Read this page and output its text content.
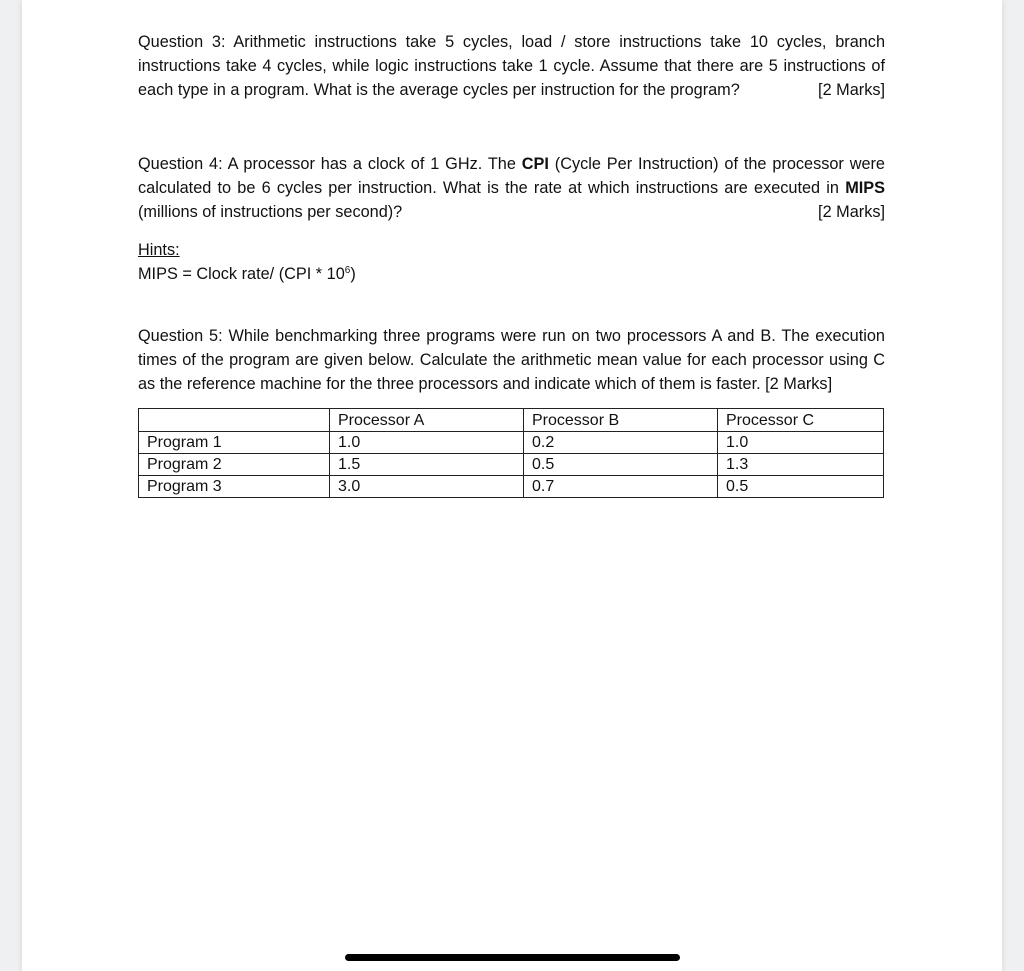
Question 3: Arithmetic instructions take 5 cycles, load / store instructions take 10 cycles, branch instructions take 4 cycles, while logic instructions take 1 cycle. Assume that there are 5 instructions of each type in a program. What is the average cycles per instruction for the program?	[2 Marks]

Question 4: A processor has a clock of 1 GHz. The CPI (Cycle Per Instruction) of the processor were calculated to be 6 cycles per instruction. What is the rate at which instructions are executed in MIPS (millions of instructions per second)?	[2 Marks]
Hints:
MIPS = Clock rate/ $(CPI * 10^6)$

Question 5: While benchmarking three programs were run on two processors A and B. The execution times of the program are given below. Calculate the arithmetic mean value for each processor using C as the reference machine for the three processors and indicate which of them is faster. [2 Marks]

	Processor A	Processor B	Processor C
Program 1	1.0	0.2	1.0
Program 2	1.5	0.5	1.3
Program 3	3.0	0.7	0.5
